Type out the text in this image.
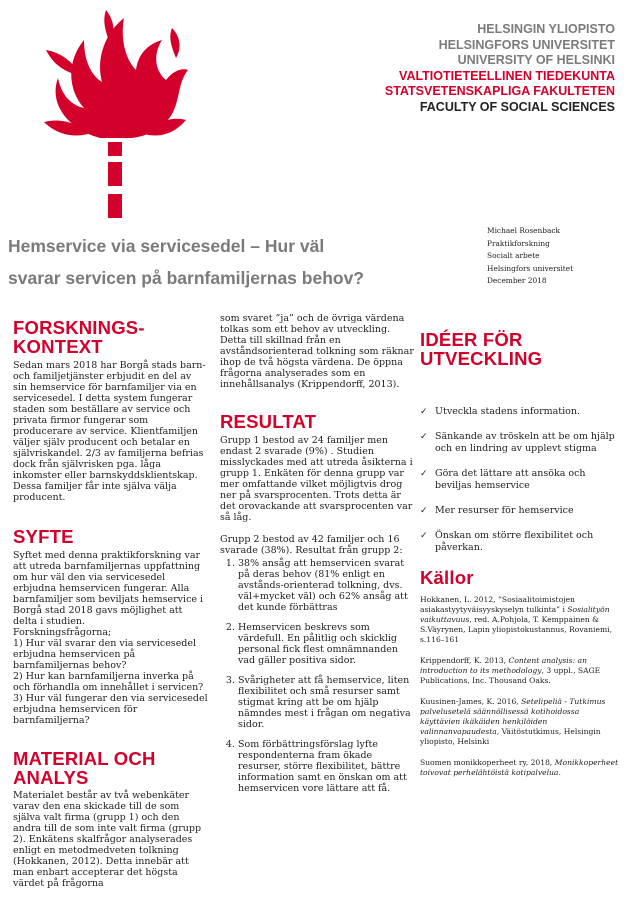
HELSINGIN YLIOPISTO
HELSINGFORS UNIVERSITET
UNIVERSITY OF HELSINKI
VALTIOTIETEELLINEN TIEDEKUNTA
STATSVETENSKAPLIGA FAKULTETEN
FACULTY OF SOCIAL SCIENCES
Hemservice via servicesedel – Hur väl
svarar servicen på barnfamiljernas behov?
Michael Rosenback
Praktikforskning
Socialt arbete
Helsingfors universitet
December 2018
FORSKNINGS-
KONTEXT

Sedan mars 2018 har Borgå stads barn- och familjetjänster erbjudit en del av sin hemservice för barnfamiljer via en servicesedel. I detta system fungerar staden som beställare av service och privata firmor fungerar som producerare av service. Klientfamiljen väljer själv producent och betalar en självriskandel. 2/3 av familjerna befrias dock från självrisken pga. låga inkomster eller barnskyddsklientskap. Dessa familjer får inte själva välja producent.

SYFTE

Syftet med denna praktikforskning var att utreda barnfamiljernas uppfattning om hur väl den via servicesedel erbjudna hemservicen fungerar. Alla barnfamiljer som beviljats hemservice i Borgå stad 2018 gavs möjlighet att delta i studien.

Forskningsfrågorna;

1) Hur väl svarar den via servicesedel erbjudna hemservicen på barnfamiljernas behov?

2) Hur kan barnfamiljerna inverka på och förhandla om innehållet i servicen?

3) Hur väl fungerar den via servicesedel erbjudna hemservicen för barnfamiljerna?

MATERIAL OCH
ANALYS

Materialet består av två webenkäter varav den ena skickade till de som själva valt firma (grupp 1) och den andra till de som inte valt firma (grupp 2). Enkätens skalfrågor analyserades enligt en metodmedveten tolkning (Hokkanen, 2012). Detta innebär att man enbart accepterar det högsta värdet på frågorna

som svaret ”ja” och de övriga värdena tolkas som ett behov av utveckling. Detta till skillnad från en avståndsorienterad tolkning som räknar ihop de två högsta värdena. De öppna frågorna analyserades som en innehållsanalys (Krippendorff, 2013).

RESULTAT

Grupp 1 bestod av 24 familjer men endast 2 svarade (9%) . Studien misslyckades med att utreda åsikterna i grupp 1. Enkäten för denna grupp var mer omfattande vilket möjligtvis drog ner på svarsprocenten. Trots detta är det orovackande att svarsprocenten var så låg.

Grupp 2 bestod av 42 familjer och 16 svarade (38%). Resultat från grupp 2:

1. 38% ansåg att hemservicen svarat på deras behov (81% enligt en avstånds-orienterad tolkning, dvs. väl+mycket väl) och 62% ansåg att det kunde förbättras
2. Hemservicen beskrevs som värdefull. En pålitlig och skicklig personal fick flest omnämnanden vad gäller positiva sidor.
3. Svårigheter att få hemservice, liten flexibilitet och små resurser samt stigmat kring att be om hjälp nämndes mest i frågan om negativa sidor.
4. Som förbättringsförslag lyfte respondenterna fram ökade resurser, större flexibilitet, bättre information samt en önskan om att hemservicen vore lättare att få.
IDÉER FÖR
UTVECKLING
✓ Utveckla stadens information.
✓ Sänkande av tröskeln att be om hjälp och en lindring av upplevt stigma
✓ Göra det lättare att ansöka och beviljas hemservice
✓ Mer resurser för hemservice
✓ Önskan om större flexibilitet och påverkan.
Källor

Hokkanen, L. 2012, ”Sosiaalitoimistojen asiakastyytyväisyyskyselyn tulkinta” i Sosialityön vaikuttavuus, red. A.Pohjola, T. Kemppainen & S.Väyrynen, Lapin yliopistokustannus, Rovaniemi, s.116–161

Krippendorff, K. 2013, Content analysis: an introduction to its methodology, 3 uppl., SAGE Publications, Inc. Thousand Oaks.

Kuusinen-James, K. 2016, Setelipeliä - Tutkimus palvelusetelä säännöllisessä kotihoidossa käyttävien ikäkäiden henkilöiden valinnanvapaudesta, Väitöstutkimus, Helsingin yliopisto, Helsinki

Suomen monikkoperheet ry, 2018, Monikkoperheet toivovat perhelähtöistä kotipalvelua.
